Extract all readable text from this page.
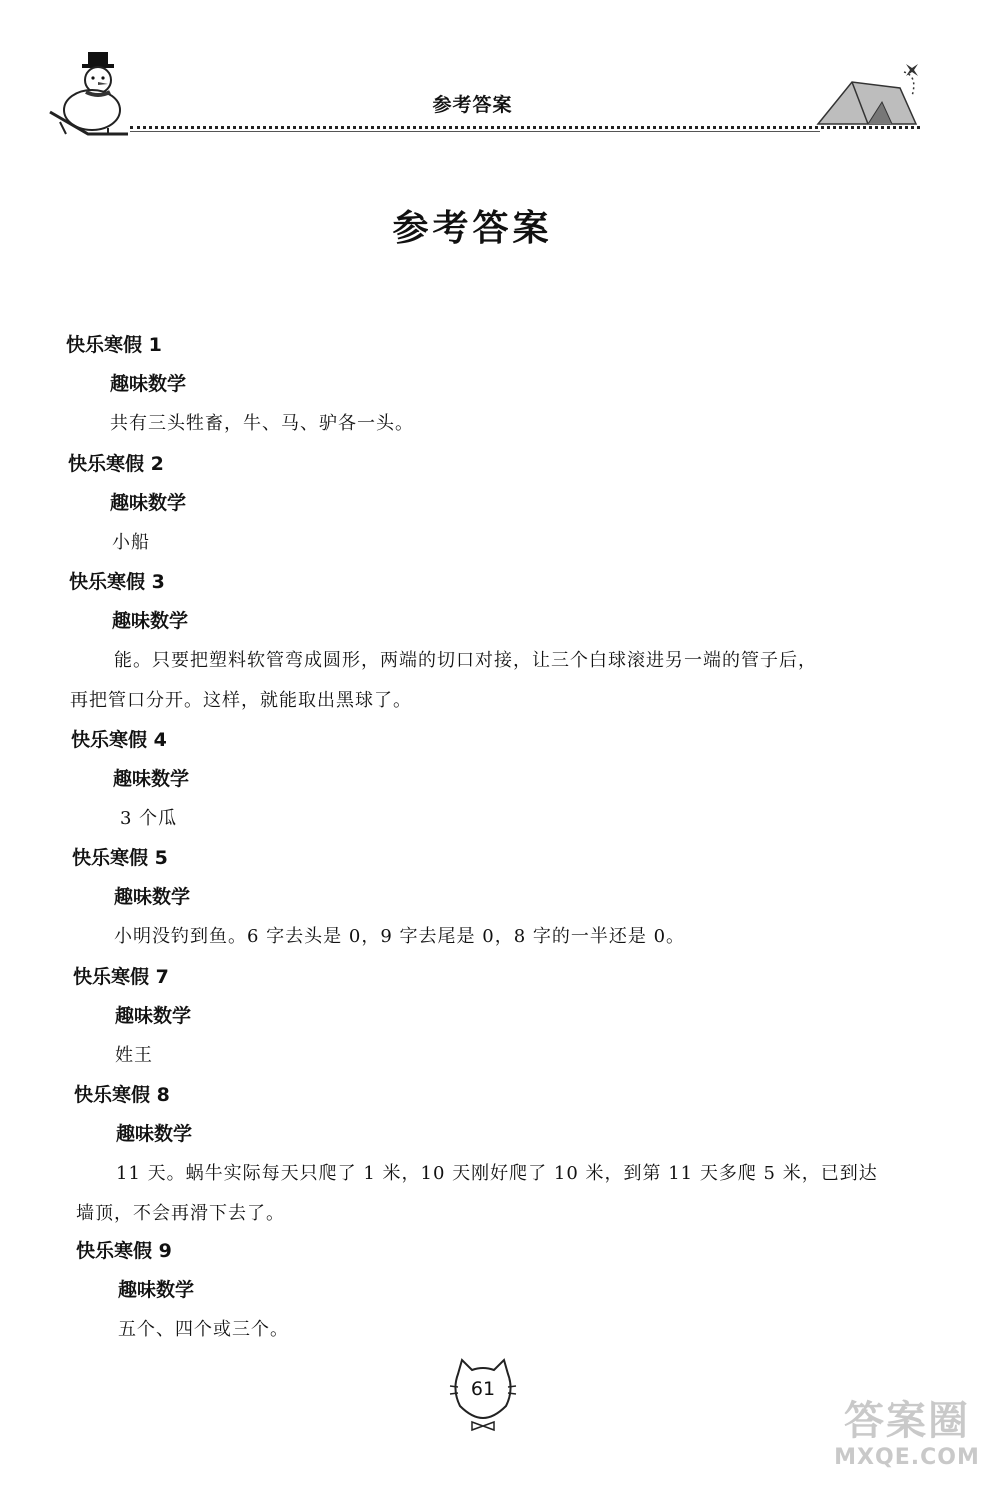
参考答案
参考答案
快乐寒假 1
趣味数学
共有三头牲畜，牛、马、驴各一头。
快乐寒假 2
趣味数学
小船
快乐寒假 3
趣味数学
能。只要把塑料软管弯成圆形，两端的切口对接，让三个白球滚进另一端的管子后，
再把管口分开。这样，就能取出黑球了。
快乐寒假 4
趣味数学
3 个瓜
快乐寒假 5
趣味数学
小明没钓到鱼。6 字去头是 0，9 字去尾是 0，8 字的一半还是 0。
快乐寒假 7
趣味数学
姓王
快乐寒假 8
趣味数学
11 天。蜗牛实际每天只爬了 1 米，10 天刚好爬了 10 米，到第 11 天多爬 5 米，已到达
墙顶，不会再滑下去了。
快乐寒假 9
趣味数学
五个、四个或三个。
61
答案圈
MXQE.COM
